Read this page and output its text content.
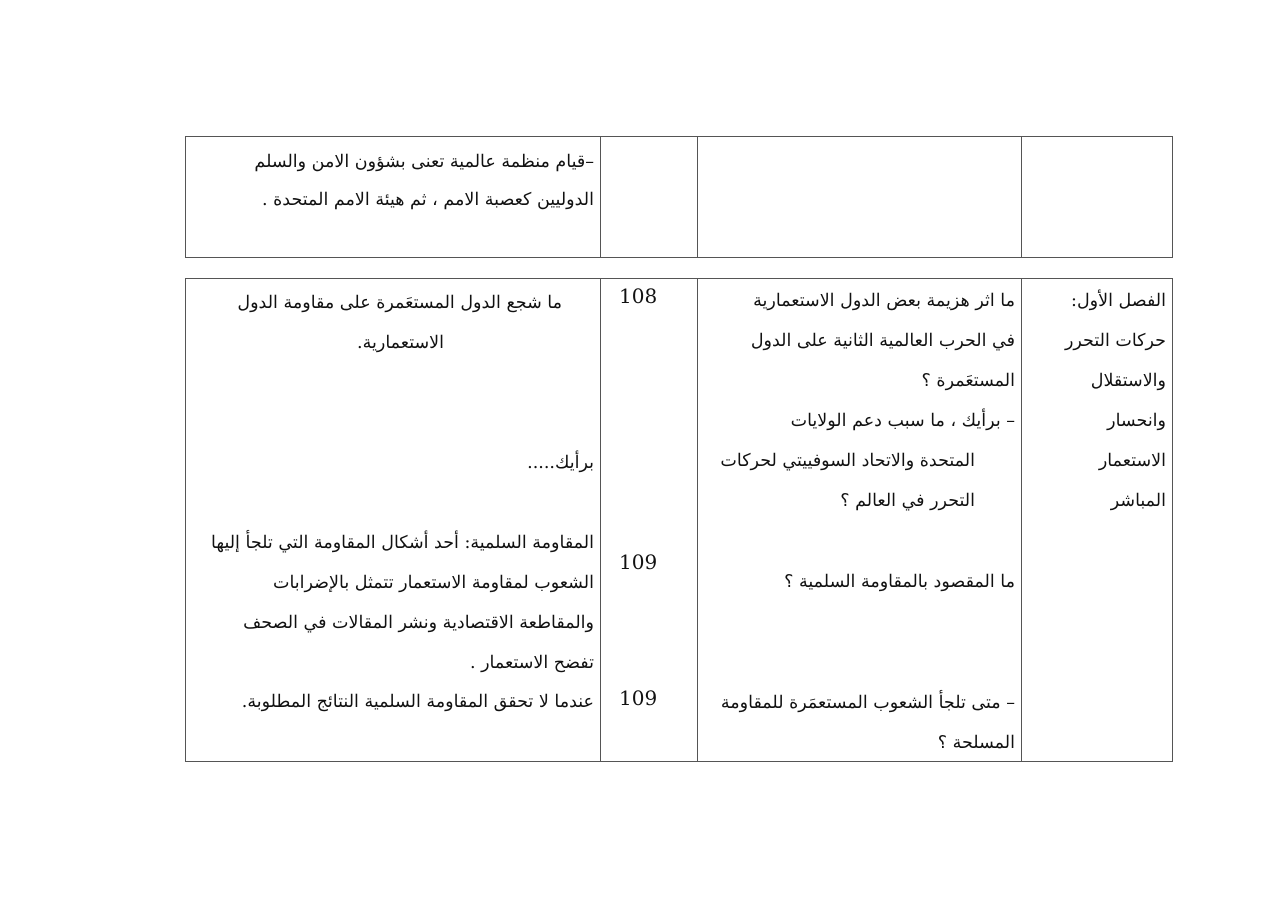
–قيام منظمة عالمية تعنى بشؤون الامن والسلم
الدوليين كعصبة الامم ، ثم هيئة الامم المتحدة .
ما شجع الدول المستعَمرة على مقاومة الدول
الاستعمارية.
برأيك.....
المقاومة السلمية: أحد أشكال المقاومة التي تلجأ إليها
الشعوب لمقاومة الاستعمار تتمثل بالإضرابات
والمقاطعة الاقتصادية ونشر المقالات في الصحف
تفضح الاستعمار .
عندما لا تحقق المقاومة السلمية النتائج المطلوبة.
108
109
109
ما اثر هزيمة بعض الدول الاستعمارية
في الحرب العالمية الثانية على الدول
المستعَمرة ؟
– برأيك ، ما سبب دعم الولايات
المتحدة والاتحاد السوفييتي لحركات
التحرر في العالم ؟
ما المقصود بالمقاومة السلمية ؟
– متى تلجأ الشعوب المستعمَرة للمقاومة
المسلحة ؟
الفصل الأول:
حركات التحرر
والاستقلال
وانحسار
الاستعمار
المباشر
